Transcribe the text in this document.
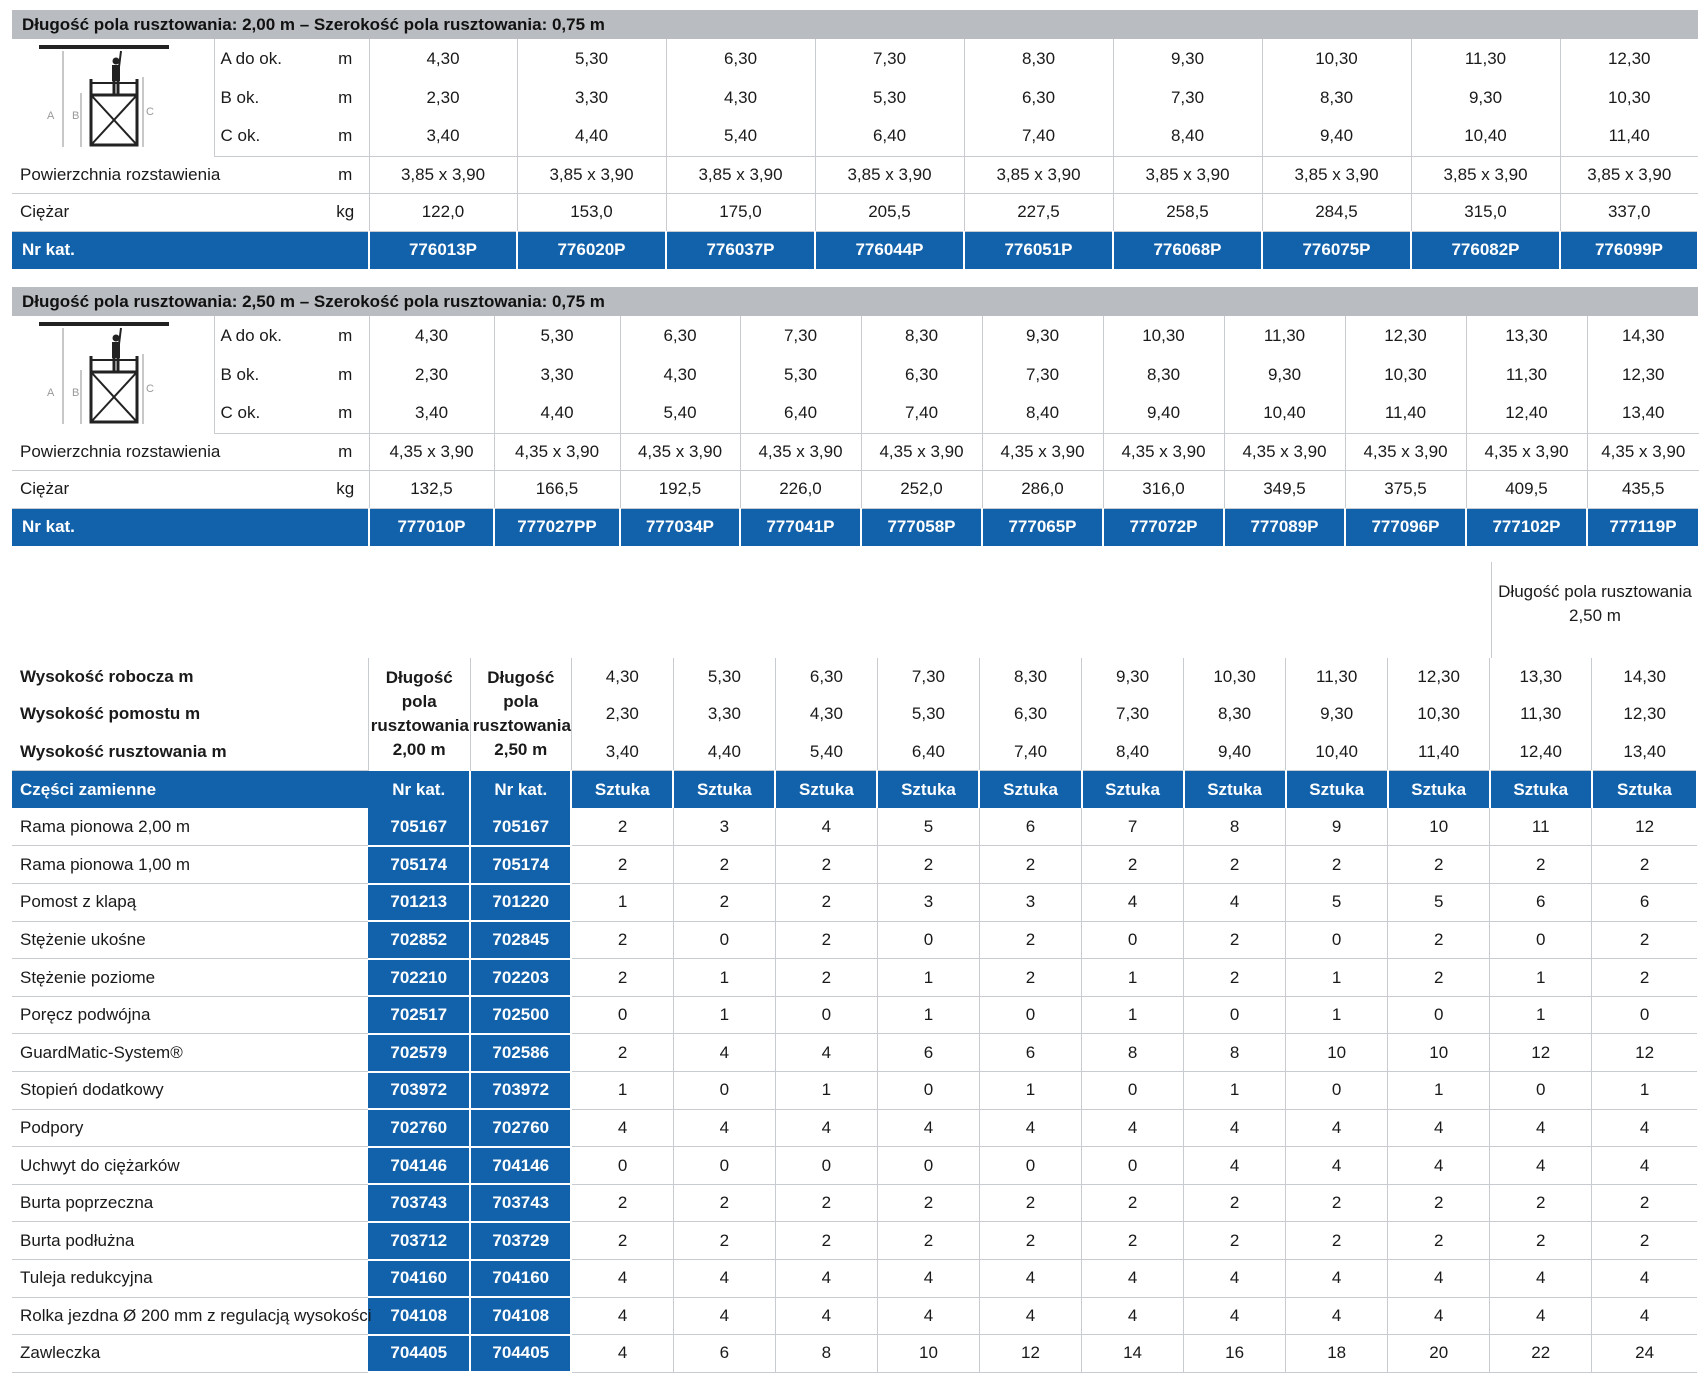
Długość pola rusztowania: 2,00 m – Szerokość pola rusztowania: 0,75 m
A B C	A do ok.	m	4,30	5,30	6,30	7,30	8,30	9,30	10,30	11,30	12,30
	B ok.	m	2,30	3,30	4,30	5,30	6,30	7,30	8,30	9,30	10,30
	C ok.	m	3,40	4,40	5,40	6,40	7,40	8,40	9,40	10,40	11,40
Powierzchnia rozstawienia		m	3,85 x 3,90	3,85 x 3,90	3,85 x 3,90	3,85 x 3,90	3,85 x 3,90	3,85 x 3,90	3,85 x 3,90	3,85 x 3,90	3,85 x 3,90
Ciężar		kg	122,0	153,0	175,0	205,5	227,5	258,5	284,5	315,0	337,0
Nr kat.			776013P	776020P	776037P	776044P	776051P	776068P	776075P	776082P	776099P
Długość pola rusztowania: 2,50 m – Szerokość pola rusztowania: 0,75 m
A B C	A do ok.	m	4,30	5,30	6,30	7,30	8,30	9,30	10,30	11,30	12,30	13,30	14,30
	B ok.	m	2,30	3,30	4,30	5,30	6,30	7,30	8,30	9,30	10,30	11,30	12,30
	C ok.	m	3,40	4,40	5,40	6,40	7,40	8,40	9,40	10,40	11,40	12,40	13,40
Powierzchnia rozstawienia		m	4,35 x 3,90	4,35 x 3,90	4,35 x 3,90	4,35 x 3,90	4,35 x 3,90	4,35 x 3,90	4,35 x 3,90	4,35 x 3,90	4,35 x 3,90	4,35 x 3,90	4,35 x 3,90
Ciężar		kg	132,5	166,5	192,5	226,0	252,0	286,0	316,0	349,5	375,5	409,5	435,5
Nr kat.			777010P	777027PP	777034P	777041P	777058P	777065P	777072P	777089P	777096P	777102P	777119P
Długość pola rusztowania 2,50 m
Wysokość robocza m	Długość pola rusztowania 2,00 m	Długość pola rusztowania 2,50 m	4,30	5,30	6,30	7,30	8,30	9,30	10,30	11,30	12,30	13,30	14,30
Wysokość pomostu m			2,30	3,30	4,30	5,30	6,30	7,30	8,30	9,30	10,30	11,30	12,30
Wysokość rusztowania m			3,40	4,40	5,40	6,40	7,40	8,40	9,40	10,40	11,40	12,40	13,40
Części zamienne	Nr kat.	Nr kat.	Sztuka	Sztuka	Sztuka	Sztuka	Sztuka	Sztuka	Sztuka	Sztuka	Sztuka	Sztuka	Sztuka
Rama pionowa 2,00 m	705167	705167	2	3	4	5	6	7	8	9	10	11	12
Rama pionowa 1,00 m	705174	705174	2	2	2	2	2	2	2	2	2	2	2
Pomost z klapą	701213	701220	1	2	2	3	3	4	4	5	5	6	6
Stężenie ukośne	702852	702845	2	0	2	0	2	0	2	0	2	0	2
Stężenie poziome	702210	702203	2	1	2	1	2	1	2	1	2	1	2
Poręcz podwójna	702517	702500	0	1	0	1	0	1	0	1	0	1	0
GuardMatic-System®	702579	702586	2	4	4	6	6	8	8	10	10	12	12
Stopień dodatkowy	703972	703972	1	0	1	0	1	0	1	0	1	0	1
Podpory	702760	702760	4	4	4	4	4	4	4	4	4	4	4
Uchwyt do ciężarków	704146	704146	0	0	0	0	0	0	4	4	4	4	4
Burta poprzeczna	703743	703743	2	2	2	2	2	2	2	2	2	2	2
Burta podłużna	703712	703729	2	2	2	2	2	2	2	2	2	2	2
Tuleja redukcyjna	704160	704160	4	4	4	4	4	4	4	4	4	4	4
Rolka jezdna Ø 200 mm z regulacją wysokości	704108	704108	4	4	4	4	4	4	4	4	4	4	4
Zawleczka	704405	704405	4	6	8	10	12	14	16	18	20	22	24
